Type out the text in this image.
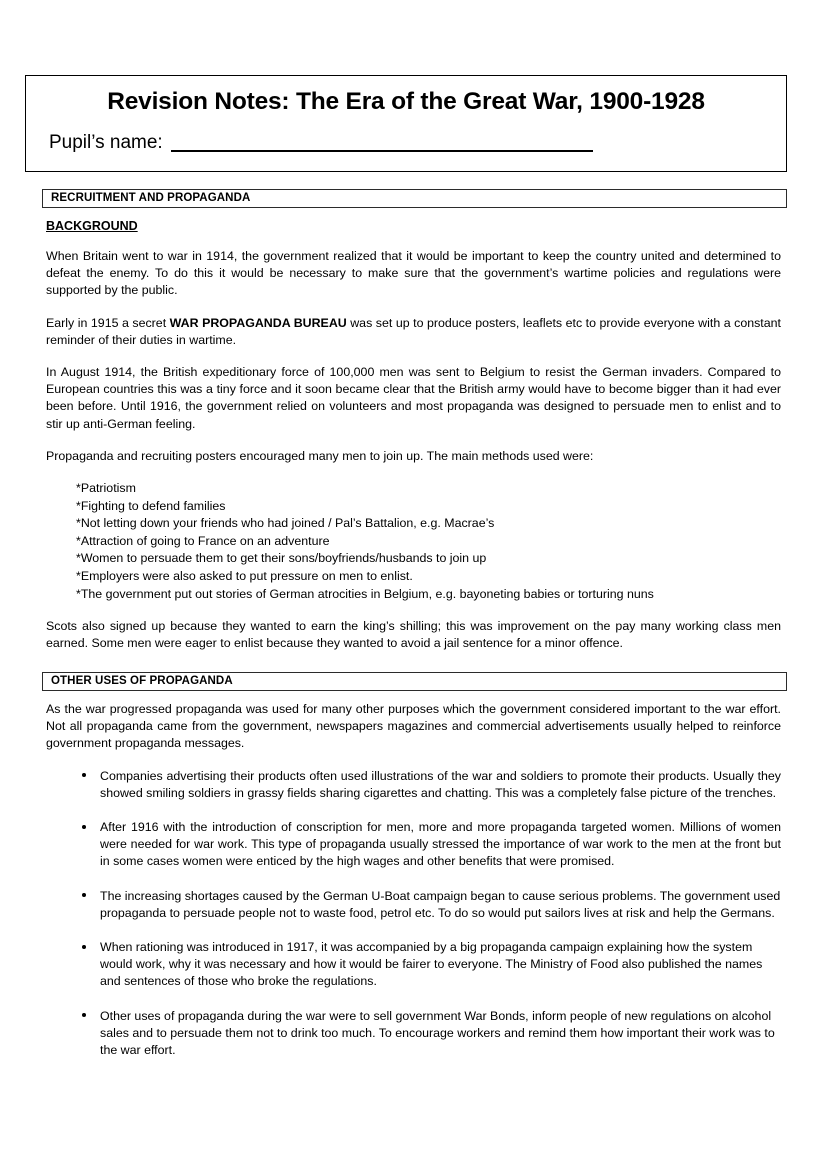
Revision Notes: The Era of the Great War, 1900-1928
Pupil’s name:
RECRUITMENT AND PROPAGANDA
BACKGROUND

When Britain went to war in 1914, the government realized that it would be important to keep the country united and determined to defeat the enemy. To do this it would be necessary to make sure that the government’s wartime policies and regulations were supported by the public.

Early in 1915 a secret WAR PROPAGANDA BUREAU was set up to produce posters, leaflets etc to provide everyone with a constant reminder of their duties in wartime.

In August 1914, the British expeditionary force of 100,000 men was sent to Belgium to resist the German invaders. Compared to European countries this was a tiny force and it soon became clear that the British army would have to become bigger than it had ever been before. Until 1916, the government relied on volunteers and most propaganda was designed to persuade men to enlist and to stir up anti-German feeling.

Propaganda and recruiting posters encouraged many men to join up. The main methods used were:

*Patriotism
*Fighting to defend families
*Not letting down your friends who had joined / Pal’s Battalion, e.g. Macrae’s
*Attraction of going to France on an adventure
*Women to persuade them to get their sons/boyfriends/husbands to join up
*Employers were also asked to put pressure on men to enlist.
*The government put out stories of German atrocities in Belgium, e.g. bayoneting babies or torturing nuns

Scots also signed up because they wanted to earn the king’s shilling; this was improvement on the pay many working class men earned. Some men were eager to enlist because they wanted to avoid a jail sentence for a minor offence.

OTHER USES OF PROPAGANDA

As the war progressed propaganda was used for many other purposes which the government considered important to the war effort. Not all propaganda came from the government, newspapers magazines and commercial advertisements usually helped to reinforce government propaganda messages.

Companies advertising their products often used illustrations of the war and soldiers to promote their products. Usually they showed smiling soldiers in grassy fields sharing cigarettes and chatting. This was a completely false picture of the trenches.
After 1916 with the introduction of conscription for men, more and more propaganda targeted women. Millions of women were needed for war work. This type of propaganda usually stressed the importance of war work to the men at the front but in some cases women were enticed by the high wages and other benefits that were promised.
The increasing shortages caused by the German U-Boat campaign began to cause serious problems. The government used propaganda to persuade people not to waste food, petrol etc. To do so would put sailors lives at risk and help the Germans.
When rationing was introduced in 1917, it was accompanied by a big propaganda campaign explaining how the system would work, why it was necessary and how it would be fairer to everyone. The Ministry of Food also published the names and sentences of those who broke the regulations.
Other uses of propaganda during the war were to sell government War Bonds, inform people of new regulations on alcohol sales and to persuade them not to drink too much. To encourage workers and remind them how important their work was to the war effort.
